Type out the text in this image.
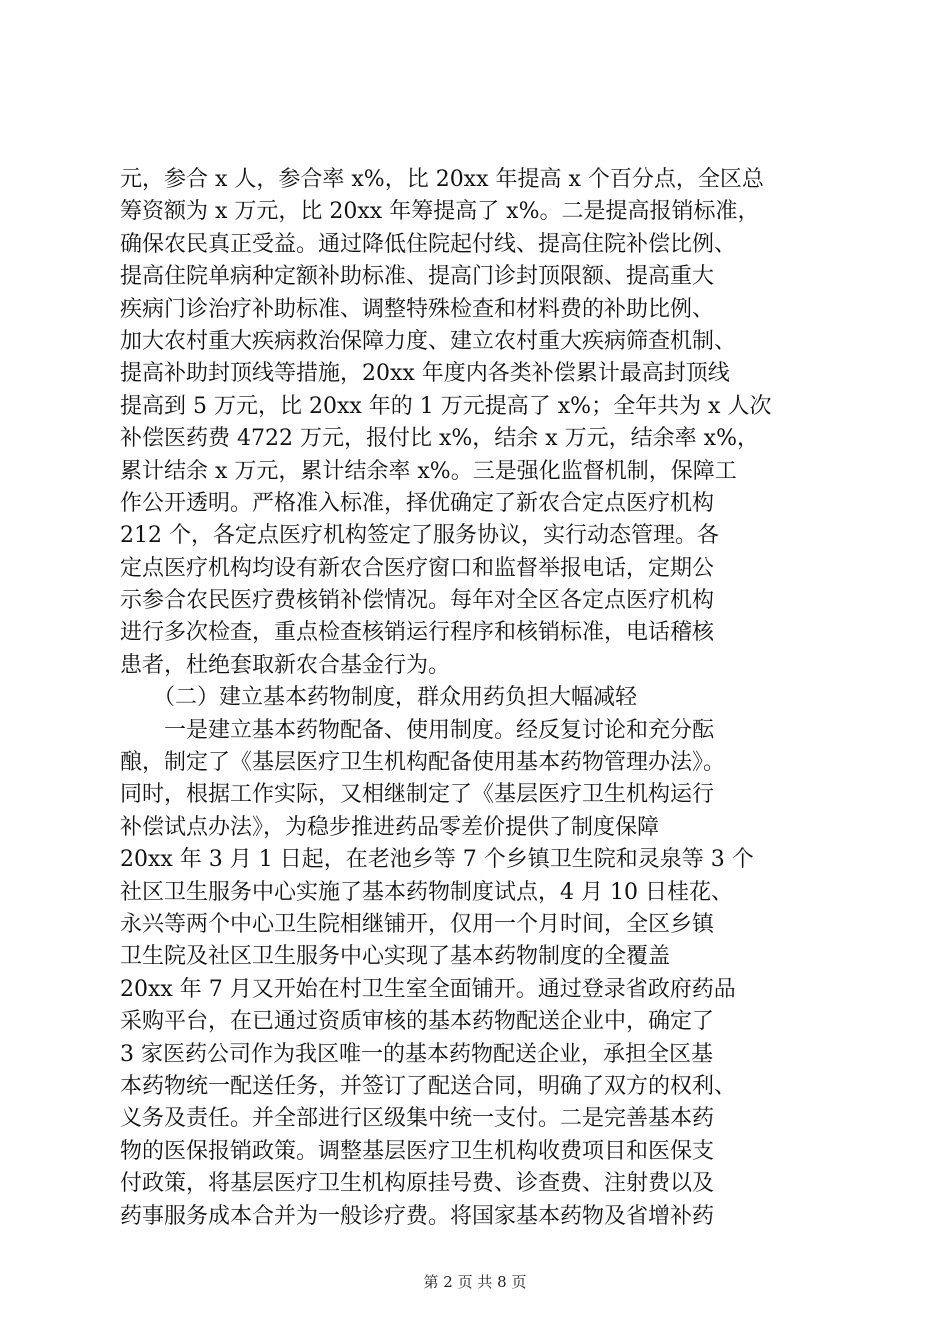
元，参合 x 人，参合率 x%，比 20xx 年提高 x 个百分点，全区总
筹资额为 x 万元，比 20xx 年筹提高了 x%。二是提高报销标准，
确保农民真正受益。通过降低住院起付线、提高住院补偿比例、
提高住院单病种定额补助标准、提高门诊封顶限额、提高重大
疾病门诊治疗补助标准、调整特殊检查和材料费的补助比例、
加大农村重大疾病救治保障力度、建立农村重大疾病筛查机制、
提高补助封顶线等措施，20xx 年度内各类补偿累计最高封顶线
提高到 5 万元，比 20xx 年的 1 万元提高了 x%；全年共为 x 人次
补偿医药费 4722 万元，报付比 x%，结余 x 万元，结余率 x%，
累计结余 x 万元，累计结余率 x%。三是强化监督机制，保障工
作公开透明。严格准入标准，择优确定了新农合定点医疗机构
212 个，各定点医疗机构签定了服务协议，实行动态管理。各
定点医疗机构均设有新农合医疗窗口和监督举报电话，定期公
示参合农民医疗费核销补偿情况。每年对全区各定点医疗机构
进行多次检查，重点检查核销运行程序和核销标准，电话稽核
患者，杜绝套取新农合基金行为。
　　（二）建立基本药物制度，群众用药负担大幅减轻
　　一是建立基本药物配备、使用制度。经反复讨论和充分酝
酿，制定了《基层医疗卫生机构配备使用基本药物管理办法》。
同时，根据工作实际，又相继制定了《基层医疗卫生机构运行
补偿试点办法》，为稳步推进药品零差价提供了制度保障
20xx 年 3 月 1 日起，在老池乡等 7 个乡镇卫生院和灵泉等 3 个
社区卫生服务中心实施了基本药物制度试点，4 月 10 日桂花、
永兴等两个中心卫生院相继铺开，仅用一个月时间，全区乡镇
卫生院及社区卫生服务中心实现了基本药物制度的全覆盖
20xx 年 7 月又开始在村卫生室全面铺开。通过登录省政府药品
采购平台，在已通过资质审核的基本药物配送企业中，确定了
3 家医药公司作为我区唯一的基本药物配送企业，承担全区基
本药物统一配送任务，并签订了配送合同，明确了双方的权利、
义务及责任。并全部进行区级集中统一支付。二是完善基本药
物的医保报销政策。调整基层医疗卫生机构收费项目和医保支
付政策，将基层医疗卫生机构原挂号费、诊查费、注射费以及
药事服务成本合并为一般诊疗费。将国家基本药物及省增补药
第 2 页 共 8 页
